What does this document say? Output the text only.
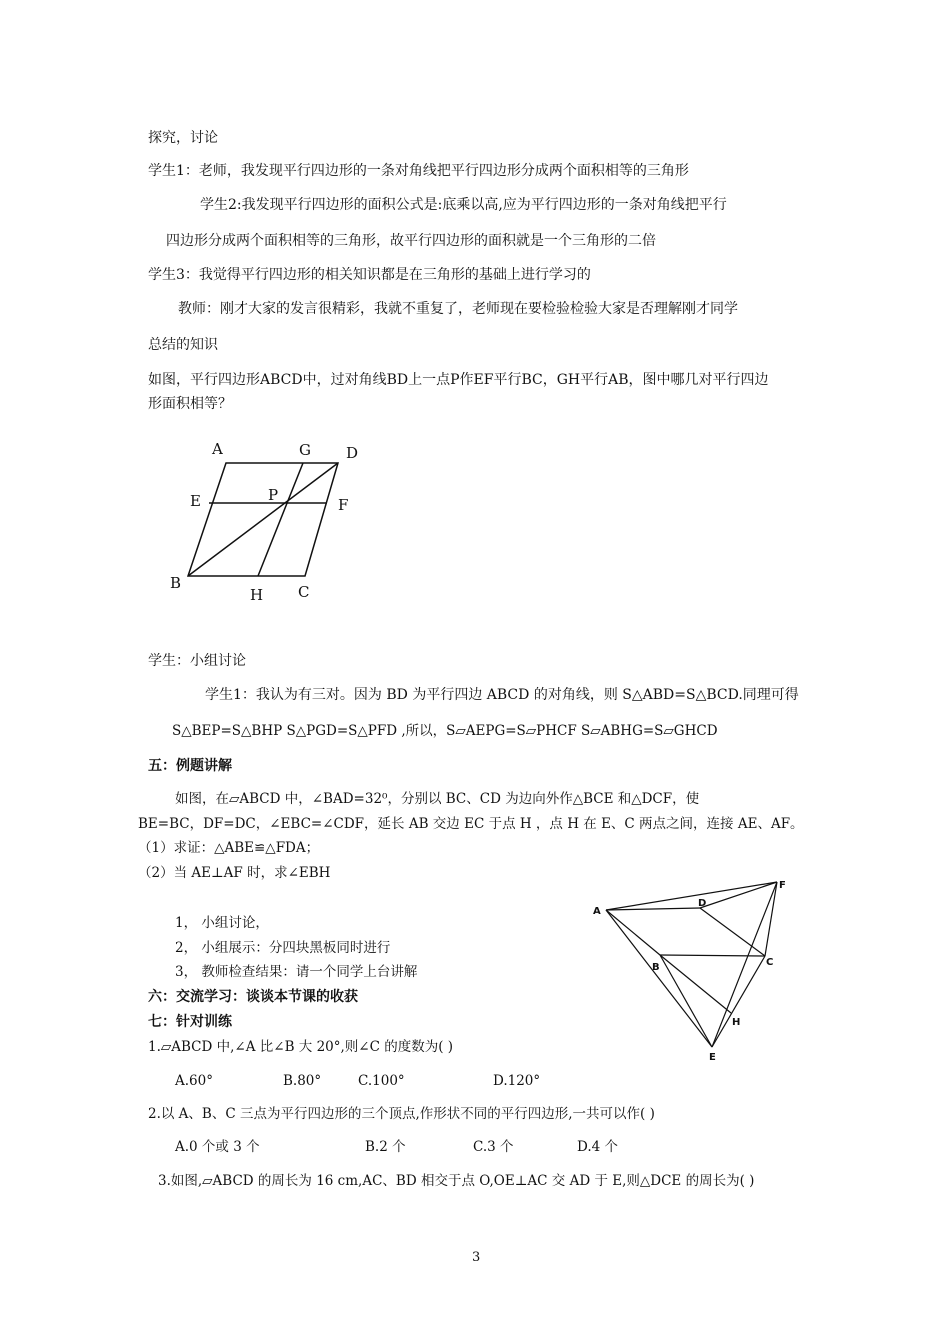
探究，讨论
学生1：老师，我发现平行四边形的一条对角线把平行四边形分成两个面积相等的三角形
学生2:我发现平行四边形的面积公式是:底乘以高,应为平行四边形的一条对角线把平行
四边形分成两个面积相等的三角形，故平行四边形的面积就是一个三角形的二倍
学生3：我觉得平行四边形的相关知识都是在三角形的基础上进行学习的
教师：刚才大家的发言很精彩，我就不重复了，老师现在要检验检验大家是否理解刚才同学
总结的知识
如图，平行四边形ABCD中，过对角线BD上一点P作EF平行BC，GH平行AB，图中哪几对平行四边
形面积相等？
A	G D
E	P
F
B
H C
学生：小组讨论
学生1：我认为有三对。因为 BD 为平行四边 ABCD 的对角线，则 S△ABD=S△BCD.同理可得
S△BEP=S△BHP S△PGD=S△PFD ,所以，S▱AEPG=S▱PHCF S▱ABHG=S▱GHCD
五：例题讲解
如图，在▱ABCD 中，∠BAD=32⁰，分别以 BC、CD 为边向外作△BCE 和△DCF，使
BE=BC，DF=DC，∠EBC=∠CDF，延长 AB 交边 EC 于点 H ，点 H 在 E、C 两点之间，连接 AE、AF。
（1）求证：△ABE≌△FDA；
（2）当 AE⊥AF 时，求∠EBH
1， 小组讨论，
2， 小组展示：分四块黑板同时进行
3， 教师检查结果：请一个同学上台讲解
六：交流学习：谈谈本节课的收获
七：针对训练
A
D
F
B	C
H
E
1.▱ABCD 中,∠A 比∠B 大 20°,则∠C 的度数为( )
A.60°	B.80°	C.100°	D.120°
2.以 A、B、C 三点为平行四边形的三个顶点,作形状不同的平行四边形,一共可以作( )
A.0 个或 3 个	B.2 个	C.3 个	D.4 个
3.如图,▱ABCD 的周长为 16 cm,AC、BD 相交于点 O,OE⊥AC 交 AD 于 E,则△DCE 的周长为( )
3
